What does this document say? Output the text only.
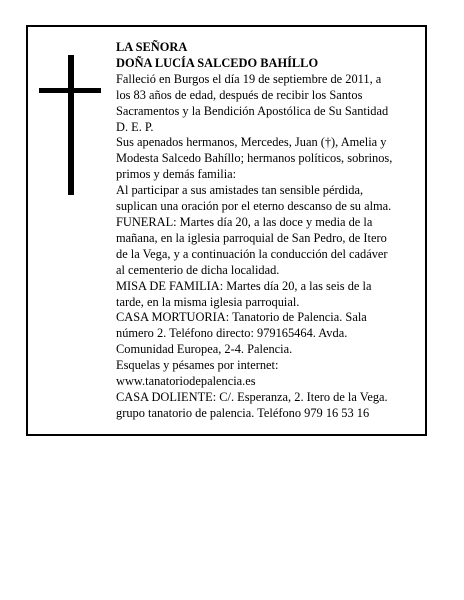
LA SEÑORA
DOÑA LUCÍA SALCEDO BAHÍLLO
Falleció en Burgos el día 19 de septiembre de 2011, a
los 83 años de edad, después de recibir los Santos
Sacramentos y la Bendición Apostólica de Su Santidad
D. E. P.
Sus apenados hermanos, Mercedes, Juan (†), Amelia y
Modesta Salcedo Bahíllo; hermanos políticos, sobrinos,
primos y demás familia:
Al participar a sus amistades tan sensible pérdida,
suplican una oración por el eterno descanso de su alma.
FUNERAL: Martes día 20, a las doce y media de la
mañana, en la iglesia parroquial de San Pedro, de Itero
de la Vega, y a continuación la conducción del cadáver
al cementerio de dicha localidad.
MISA DE FAMILIA: Martes día 20, a las seis de la
tarde, en la misma iglesia parroquial.
CASA MORTUORIA: Tanatorio de Palencia. Sala
número 2. Teléfono directo: 979165464. Avda.
Comunidad Europea, 2-4. Palencia.
Esquelas y pésames por internet:
www.tanatoriodepalencia.es
CASA DOLIENTE: C/. Esperanza, 2. Itero de la Vega.
grupo tanatorio de palencia. Teléfono 979 16 53 16
